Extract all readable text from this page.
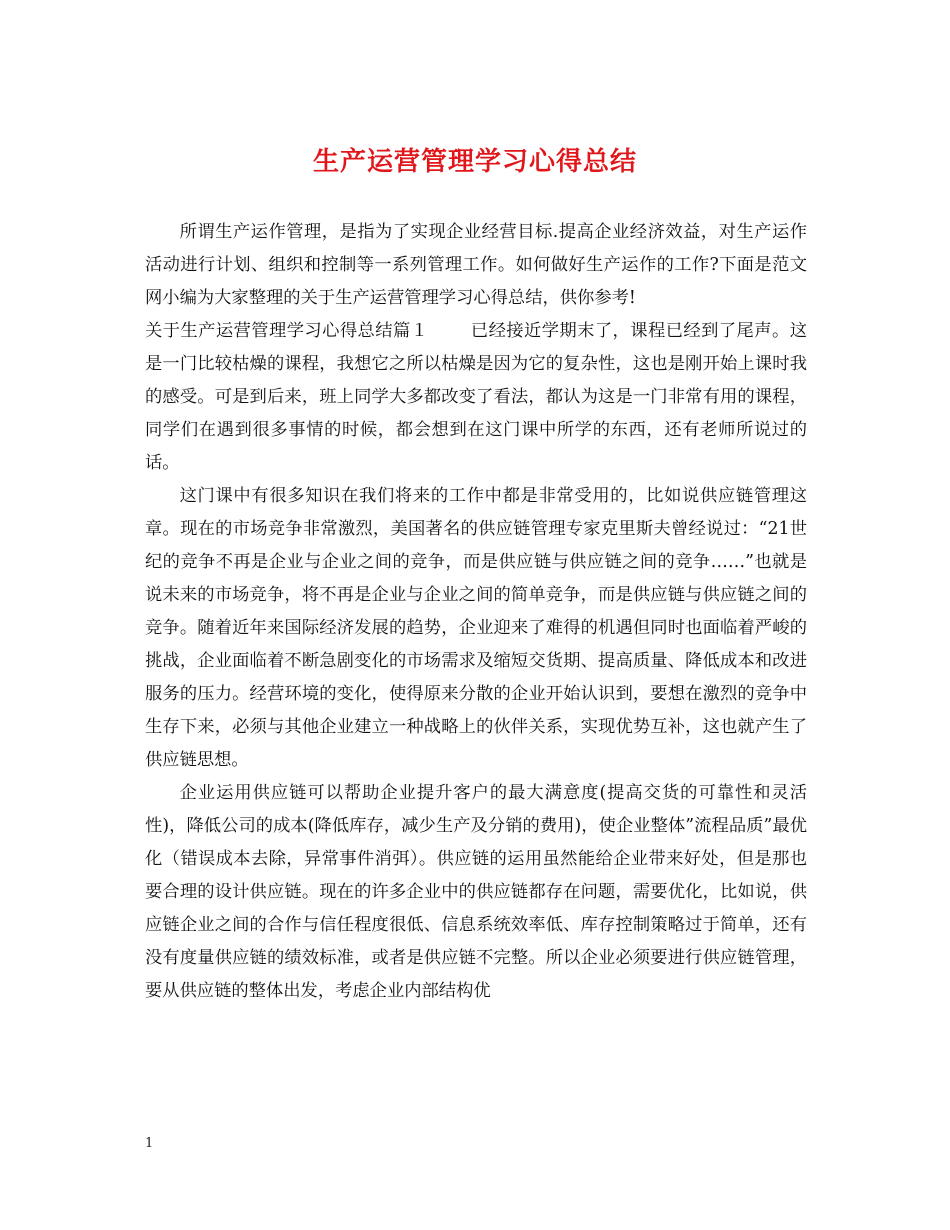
生产运营管理学习心得总结

所谓生产运作管理，是指为了实现企业经营目标.提高企业经济效益，对生产运作活动进行计划、组织和控制等一系列管理工作。如何做好生产运作的工作?下面是范文网小编为大家整理的关于生产运营管理学习心得总结，供你参考!

关于生产运营管理学习心得总结篇１ 已经接近学期末了，课程已经到了尾声。这是一门比较枯燥的课程，我想它之所以枯燥是因为它的复杂性，这也是刚开始上课时我的感受。可是到后来，班上同学大多都改变了看法，都认为这是一门非常有用的课程，同学们在遇到很多事情的时候，都会想到在这门课中所学的东西，还有老师所说过的话。

这门课中有很多知识在我们将来的工作中都是非常受用的，比如说供应链管理这章。现在的市场竞争非常激烈，美国著名的供应链管理专家克里斯夫曾经说过：“21世纪的竞争不再是企业与企业之间的竞争，而是供应链与供应链之间的竞争……”也就是说未来的市场竞争，将不再是企业与企业之间的简单竞争，而是供应链与供应链之间的竞争。随着近年来国际经济发展的趋势，企业迎来了难得的机遇但同时也面临着严峻的挑战，企业面临着不断急剧变化的市场需求及缩短交货期、提高质量、降低成本和改进服务的压力。经营环境的变化，使得原来分散的企业开始认识到，要想在激烈的竞争中生存下来，必须与其他企业建立一种战略上的伙伴关系，实现优势互补，这也就产生了供应链思想。

企业运用供应链可以帮助企业提升客户的最大满意度(提高交货的可靠性和灵活性)，降低公司的成本(降低库存，减少生产及分销的费用)，使企业整体”流程品质”最优化（错误成本去除，异常事件消弭）。供应链的运用虽然能给企业带来好处，但是那也要合理的设计供应链。现在的许多企业中的供应链都存在问题，需要优化，比如说，供应链企业之间的合作与信任程度很低、信息系统效率低、库存控制策略过于简单，还有没有度量供应链的绩效标准，或者是供应链不完整。所以企业必须要进行供应链管理，要从供应链的整体出发，考虑企业内部结构优

1
